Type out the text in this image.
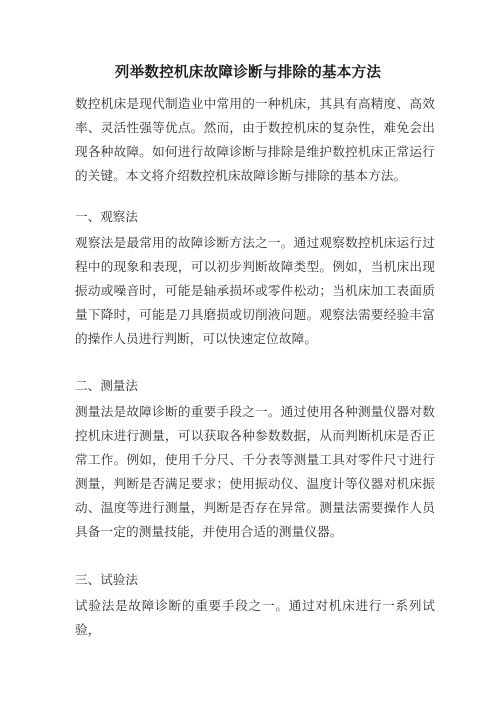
列举数控机床故障诊断与排除的基本方法

数控机床是现代制造业中常用的一种机床，其具有高精度、高效率、灵活性强等优点。然而，由于数控机床的复杂性，难免会出现各种故障。如何进行故障诊断与排除是维护数控机床正常运行的关键。本文将介绍数控机床故障诊断与排除的基本方法。

一、观察法

观察法是最常用的故障诊断方法之一。通过观察数控机床运行过程中的现象和表现，可以初步判断故障类型。例如，当机床出现振动或噪音时，可能是轴承损坏或零件松动；当机床加工表面质量下降时，可能是刀具磨损或切削液问题。观察法需要经验丰富的操作人员进行判断，可以快速定位故障。

二、测量法

测量法是故障诊断的重要手段之一。通过使用各种测量仪器对数控机床进行测量，可以获取各种参数数据，从而判断机床是否正常工作。例如，使用千分尺、千分表等测量工具对零件尺寸进行测量，判断是否满足要求；使用振动仪、温度计等仪器对机床振动、温度等进行测量，判断是否存在异常。测量法需要操作人员具备一定的测量技能，并使用合适的测量仪器。

三、试验法

试验法是故障诊断的重要手段之一。通过对机床进行一系列试验，
